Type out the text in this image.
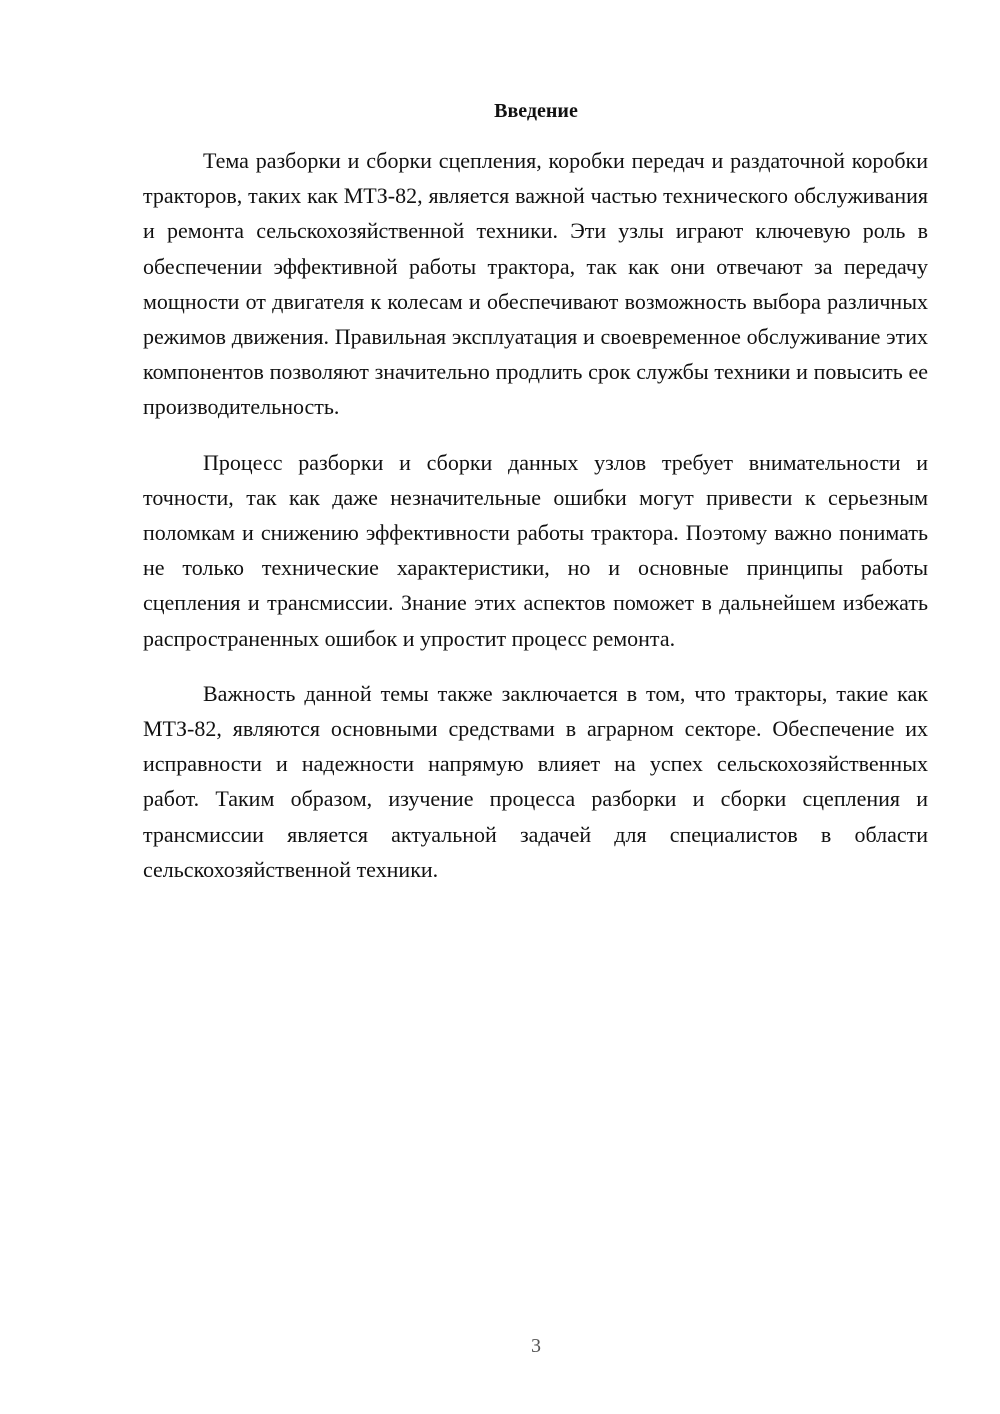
Введение

Тема разборки и сборки сцепления, коробки передач и раздаточной коробки тракторов, таких как МТЗ-82, является важной частью технического обслуживания и ремонта сельскохозяйственной техники. Эти узлы играют ключевую роль в обеспечении эффективной работы трактора, так как они отвечают за передачу мощности от двигателя к колесам и обеспечивают возможность выбора различных режимов движения. Правильная эксплуатация и своевременное обслуживание этих компонентов позволяют значительно продлить срок службы техники и повысить ее производительность.

Процесс разборки и сборки данных узлов требует внимательности и точности, так как даже незначительные ошибки могут привести к серьезным поломкам и снижению эффективности работы трактора. Поэтому важно понимать не только технические характеристики, но и основные принципы работы сцепления и трансмиссии. Знание этих аспектов поможет в дальнейшем избежать распространенных ошибок и упростит процесс ремонта.

Важность данной темы также заключается в том, что тракторы, такие как МТЗ-82, являются основными средствами в аграрном секторе. Обеспечение их исправности и надежности напрямую влияет на успех сельскохозяйственных работ. Таким образом, изучение процесса разборки и сборки сцепления и трансмиссии является актуальной задачей для специалистов в области сельскохозяйственной техники.

3
